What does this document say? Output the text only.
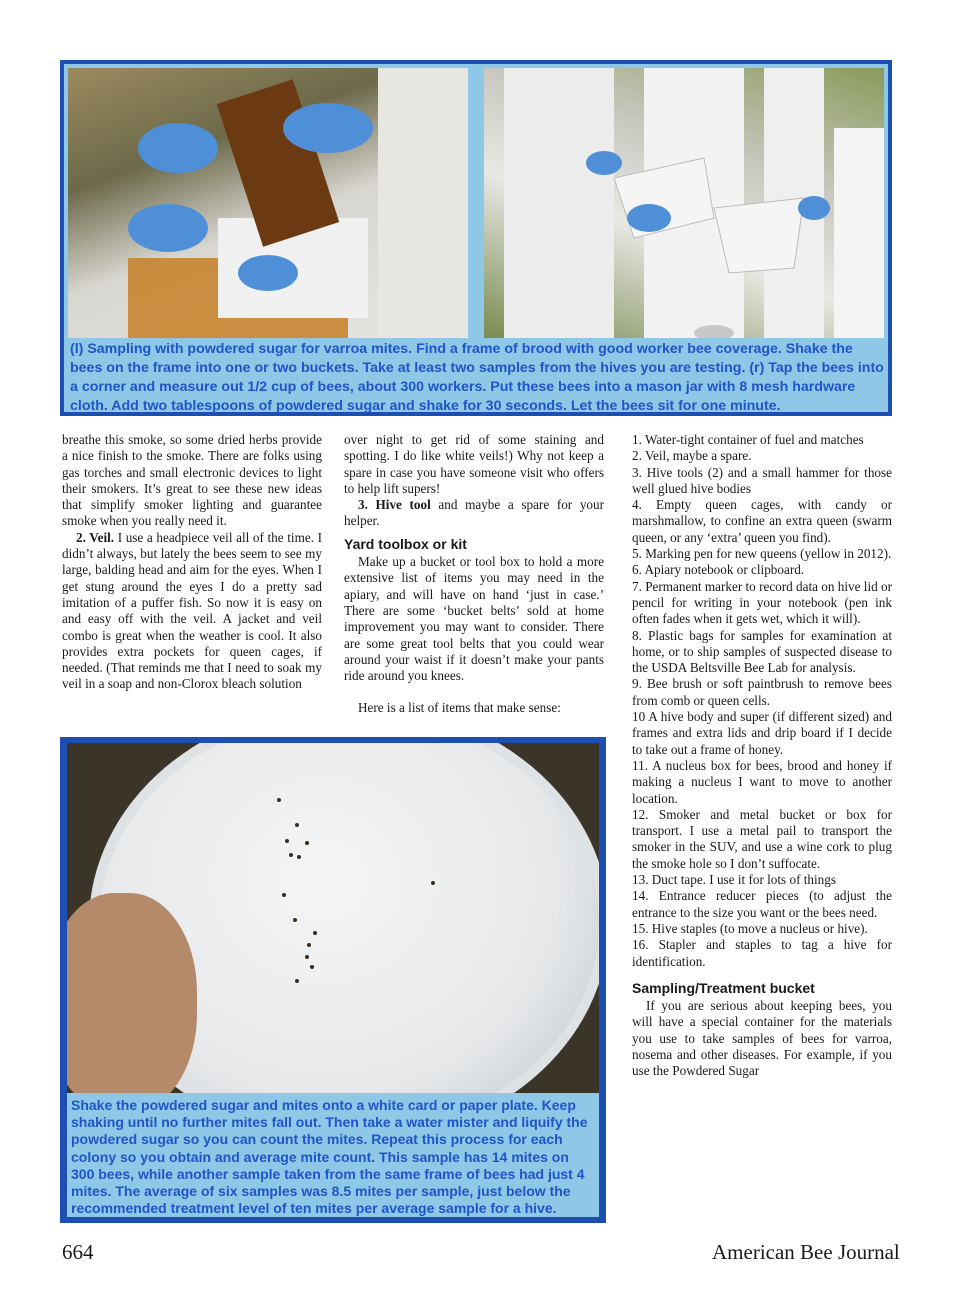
(l) Sampling with powdered sugar for varroa mites. Find a frame of brood with good worker bee coverage. Shake the bees on the frame into one or two buckets. Take at least two samples from the hives you are testing. (r) Tap the bees into a corner and measure out 1/2 cup of bees, about 300 workers. Put these bees into a mason jar with 8 mesh hardware cloth. Add two tablespoons of powdered sugar and shake for 30 seconds. Let the bees sit for one minute.

breathe this smoke, so some dried herbs provide a nice finish to the smoke. There are folks using gas torches and small electronic devices to light their smokers. It’s great to see these new ideas that simplify smoker lighting and guarantee smoke when you really need it.

2. Veil. I use a headpiece veil all of the time. I didn’t always, but lately the bees seem to see my large, balding head and aim for the eyes. When I get stung around the eyes I do a pretty sad imitation of a puffer fish. So now it is easy on and easy off with the veil. A jacket and veil combo is great when the weather is cool. It also provides extra pockets for queen cages, if needed. (That reminds me that I need to soak my veil in a soap and non-Clorox bleach solution

over night to get rid of some staining and spotting. I do like white veils!) Why not keep a spare in case you have someone visit who offers to help lift supers!

3. Hive tool and maybe a spare for your helper.

Yard toolbox or kit

Make up a bucket or tool box to hold a more extensive list of items you may need in the apiary, and will have on hand ‘just in case.’ There are some ‘bucket belts’ sold at home improvement you may want to consider. There are some great tool belts that you could wear around your waist if it doesn’t make your pants ride around you knees.

Here is a list of items that make sense:

1. Water-tight container of fuel and matches

2. Veil, maybe a spare.

3. Hive tools (2) and a small hammer for those well glued hive bodies

4. Empty queen cages, with candy or marshmallow, to confine an extra queen (swarm queen, or any ‘extra’ queen you find).

5. Marking pen for new queens (yellow in 2012).

6. Apiary notebook or clipboard.

7. Permanent marker to record data on hive lid or pencil for writing in your notebook (pen ink often fades when it gets wet, which it will).

8. Plastic bags for samples for examination at home, or to ship samples of suspected disease to the USDA Beltsville Bee Lab for analysis.

9. Bee brush or soft paintbrush to remove bees from comb or queen cells.

10 A hive body and super (if different sized) and frames and extra lids and drip board if I decide to take out a frame of honey.

11. A nucleus box for bees, brood and honey if making a nucleus I want to move to another location.

12. Smoker and metal bucket or box for transport. I use a metal pail to transport the smoker in the SUV, and use a wine cork to plug the smoke hole so I don’t suffocate.

13. Duct tape. I use it for lots of things

14. Entrance reducer pieces (to adjust the entrance to the size you want or the bees need.

15. Hive staples (to move a nucleus or hive).

16. Stapler and staples to tag a hive for identification.

Sampling/Treatment bucket

If you are serious about keeping bees, you will have a special container for the materials you use to take samples of bees for varroa, nosema and other diseases. For example, if you use the Powdered Sugar

Shake the powdered sugar and mites onto a white card or paper plate. Keep shaking until no further mites fall out. Then take a water mister and liquify the powdered sugar so you can count the mites. Repeat this process for each colony so you obtain and average mite count. This sample has 14 mites on 300 bees, while another sample taken from the same frame of bees had just 4 mites. The average of six samples was 8.5 mites per sample, just below the recommended treatment level of ten mites per average sample for a hive.
664	American Bee Journal
